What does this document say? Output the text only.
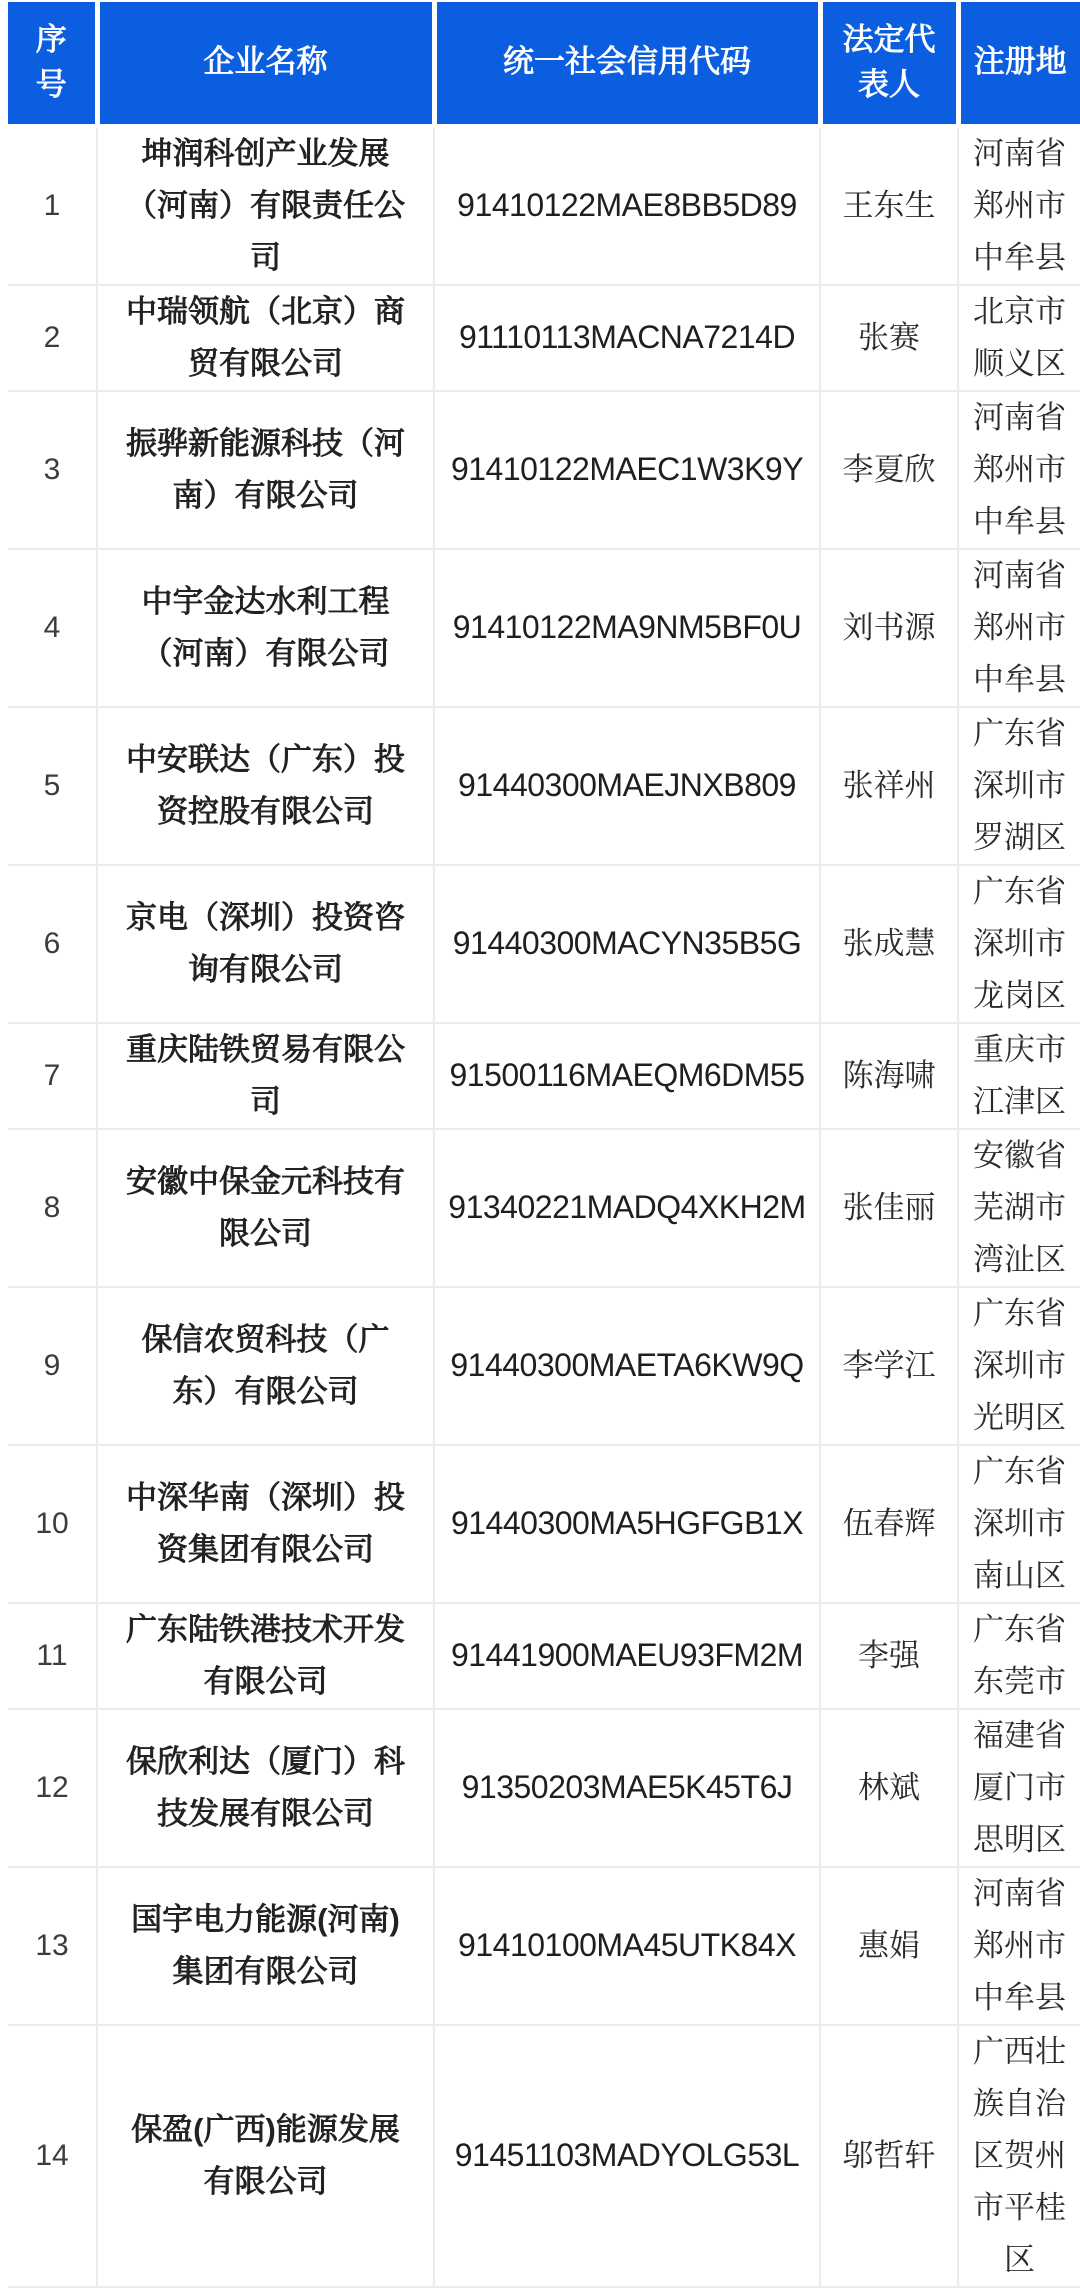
序号	企业名称	统一社会信用代码	法定代表人	注册地

1	坤润科创产业发展（河南）有限责任公司	91410122MAE8BB5D89	王东生	河南省郑州市中牟县

2	中瑞领航（北京）商贸有限公司	91110113MACNA7214D	张赛	北京市顺义区

3	振骅新能源科技（河南）有限公司	91410122MAEC1W3K9Y	李夏欣	河南省郑州市中牟县

4	中宇金达水利工程（河南）有限公司	91410122MA9NM5BF0U	刘书源	河南省郑州市中牟县

5	中安联达（广东）投资控股有限公司	91440300MAEJNXB809	张祥州	广东省深圳市罗湖区

6	京电（深圳）投资咨询有限公司	91440300MACYN35B5G	张成慧	广东省深圳市龙岗区

7	重庆陆铁贸易有限公司	91500116MAEQM6DM55	陈海啸	重庆市江津区

8	安徽中保金元科技有限公司	91340221MADQ4XKH2M	张佳丽	安徽省芜湖市湾沚区

9	保信农贸科技（广东）有限公司	91440300MAETA6KW9Q	李学江	广东省深圳市光明区

10	中深华南（深圳）投资集团有限公司	91440300MA5HGFGB1X	伍春辉	广东省深圳市南山区

11	广东陆铁港技术开发有限公司	91441900MAEU93FM2M	李强	广东省东莞市

12	保欣利达（厦门）科技发展有限公司	91350203MAE5K45T6J	林斌	福建省厦门市思明区

13	国宇电力能源(河南)集团有限公司	91410100MA45UTK84X	惠娟	河南省郑州市中牟县

14	保盈(广西)能源发展有限公司	91451103MADYOLG53L	邬哲轩	广西壮族自治区贺州市平桂区
